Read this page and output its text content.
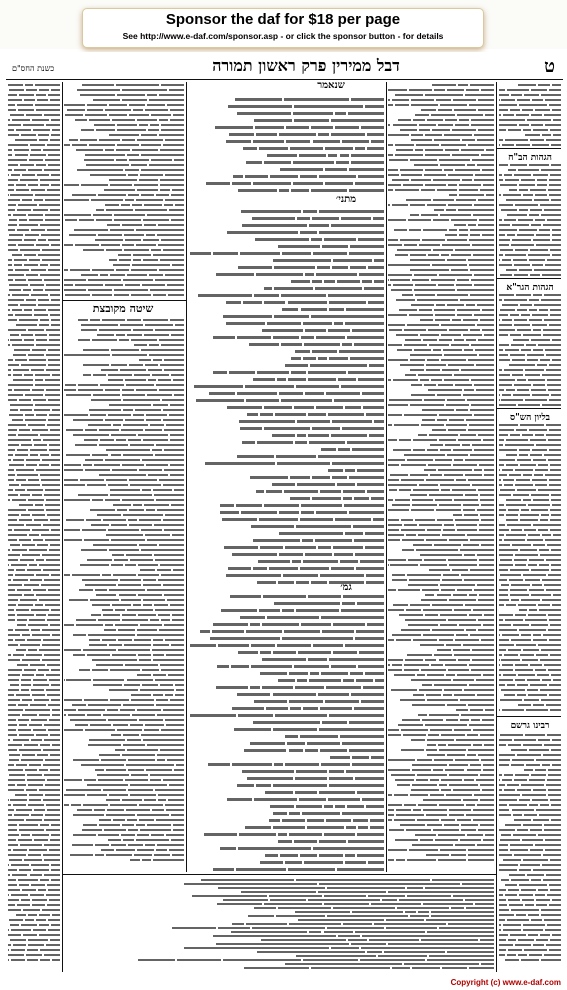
Sponsor the daf for $18 per page
See http://www.e-daf.com/sponsor.asp - or click the sponsor button - for details
כשנת החס"ם	דבל ממירין פרק ראשון תמורה	ט
שיטה מקובצת
הגהות הב"ח
הגהות הגר"א
בליון הש"ס
רבינו גרשם
שנאמר
מתני׳
גמ׳
Copyright (c) www.e-daf.com
